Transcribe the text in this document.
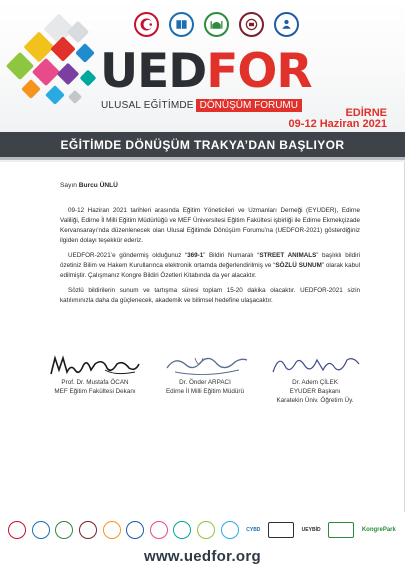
UEDFOR
ULUSAL EĞİTİMDE DÖNÜŞÜM FORUMU
EDİRNE
09-12 Haziran 2021
EĞİTİMDE DÖNÜŞÜM TRAKYA’DAN BAŞLIYOR
Sayın Burcu ÜNLÜ

09-12 Haziran 2021 tarihleri arasında Eğitim Yöneticileri ve Uzmanları Derneği (EYUDER), Edirne Valiliği, Edirne İl Milli Eğitim Müdürlüğü ve MEF Üniversitesi Eğitim Fakültesi işbirliği ile Edirne Ekmekçizade Kervansarayı’nda düzenlenecek olan Ulusal Eğitimde Dönüşüm Forumu’na (UEDFOR-2021) gösterdiğiniz ilgiden dolayı teşekkür ederiz.

UEDFOR-2021’e göndermiş olduğunuz “369-1” Bildiri Numaralı “STREET ANIMALS” başlıklı bildiri özetiniz Bilim ve Hakem Kurullarınca elektronik ortamda değerlendirilmiş ve “SÖZLÜ SUNUM” olarak kabul edilmiştir. Çalışmanız Kongre Bildiri Özetleri Kitabında da yer alacaktır.

Sözlü bildirilerin sunum ve tartışma süresi toplam 15-20 dakika olacaktır. UEDFOR-2021 sizin katılımınızla daha da güçlenecek, akademik ve bilimsel hedefine ulaşacaktır.

Prof. Dr. Mustafa ÖCAN
MEF Eğitim Fakültesi Dekanı
Dr. Önder ARPACI
Edirne İl Milli Eğitim Müdürü
Dr. Adem ÇİLEK
EYUDER Başkanı
Karatekin Üniv. Öğretim Üy.
CYBD	UEYBİD	KongrePark
www.uedfor.org
